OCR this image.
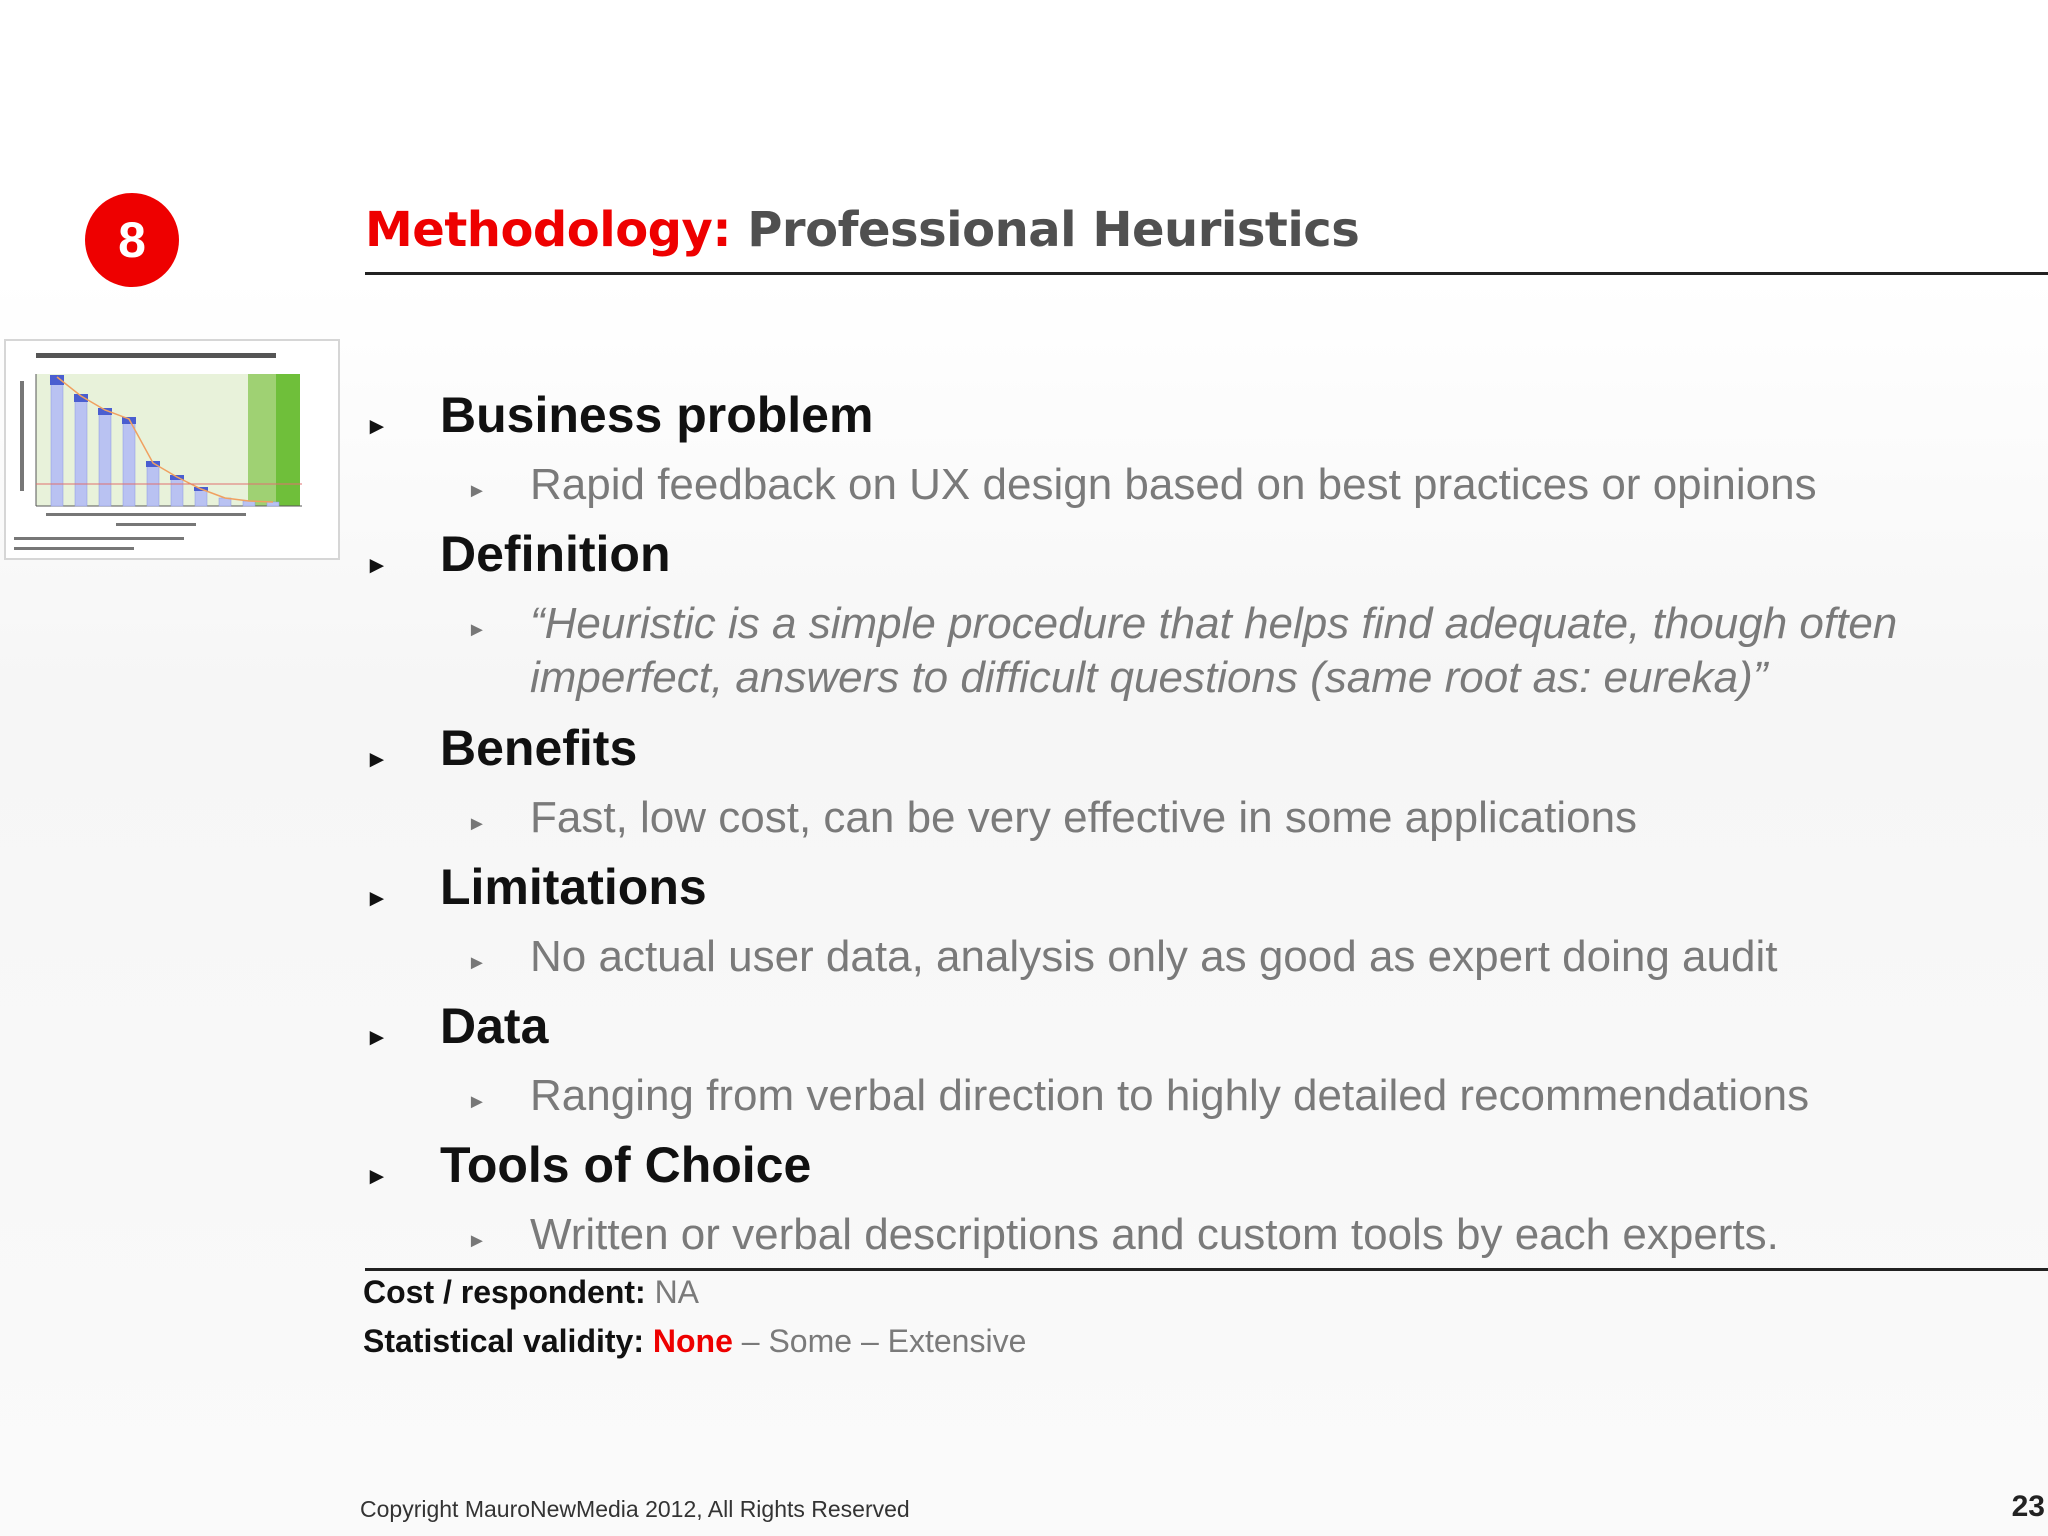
8	Methodology: Professional Heuristics
► Business problem
► Rapid feedback on UX design based on best practices or opinions
► Definition
► “Heuristic is a simple procedure that helps find adequate, though often
imperfect, answers to difficult questions (same root as: eureka)”
► Benefits
► Fast, low cost, can be very effective in some applications
► Limitations
► No actual user data, analysis only as good as expert doing audit
► Data
► Ranging from verbal direction to highly detailed recommendations
► Tools of Choice
► Written or verbal descriptions and custom tools by each experts.
Cost / respondent: NA
Statistical validity: None – Some – Extensive
Copyright MauroNewMedia 2012, All Rights Reserved	23
